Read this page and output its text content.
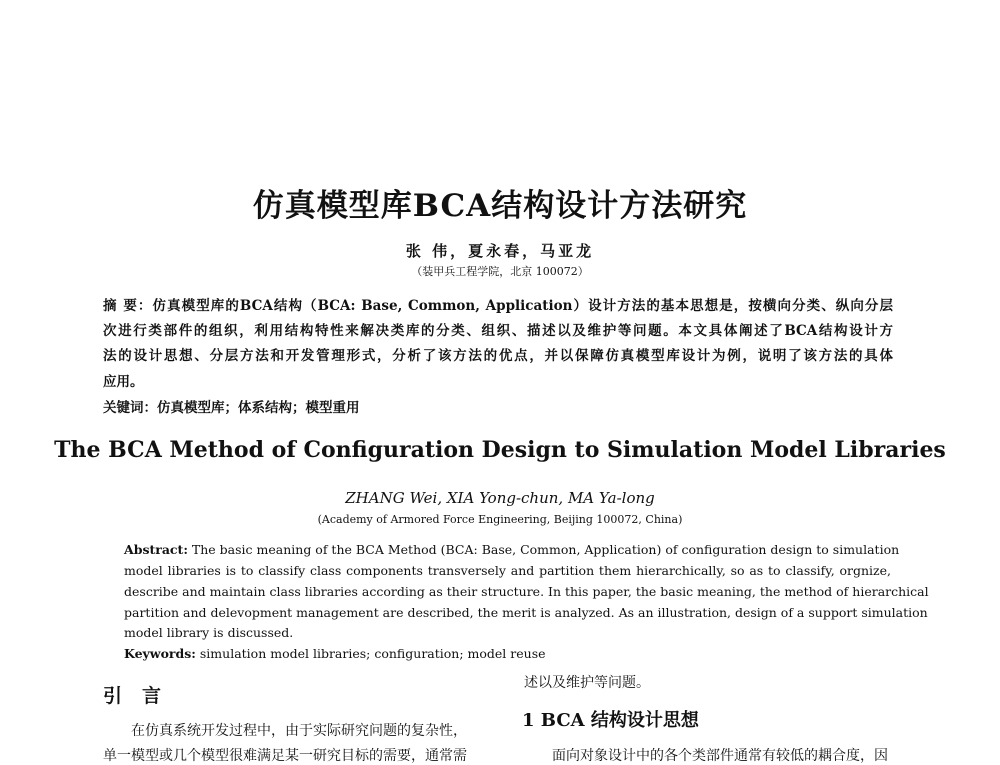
仿真模型库BCA结构设计方法研究
张 伟，夏永春，马亚龙
（装甲兵工程学院，北京 100072）
摘 要：仿真模型库的BCA结构（BCA: Base, Common, Application）设计方法的基本思想是，按横向分类、纵向分层
次进行类部件的组织，利用结构特性来解决类库的分类、组织、描述以及维护等问题。本文具体阐述了BCA结构设计方
法的设计思想、分层方法和开发管理形式，分析了该方法的优点，并以保障仿真模型库设计为例，说明了该方法的具体
应用。
关键词：仿真模型库；体系结构；模型重用
The BCA Method of Configuration Design to Simulation Model Libraries
ZHANG Wei, XIA Yong-chun, MA Ya-long
(Academy of Armored Force Engineering, Beijing 100072, China)
Abstract: The basic meaning of the BCA Method (BCA: Base, Common, Application) of configuration design to simulation
model libraries is to classify class components transversely and partition them hierarchically, so as to classify, orgnize,
describe and maintain class libraries according as their structure. In this paper, the basic meaning, the method of hierarchical
partition and delevopment management are described, the merit is analyzed. As an illustration, design of a support simulation
model library is discussed.
Keywords: simulation model libraries; configuration; model reuse
引 言
在仿真系统开发过程中，由于实际研究问题的复杂性，
单一模型或几个模型很难满足某一研究目标的需要，通常需
述以及维护等问题。
1 BCA 结构设计思想
面向对象设计中的各个类部件通常有较低的耦合度，因
